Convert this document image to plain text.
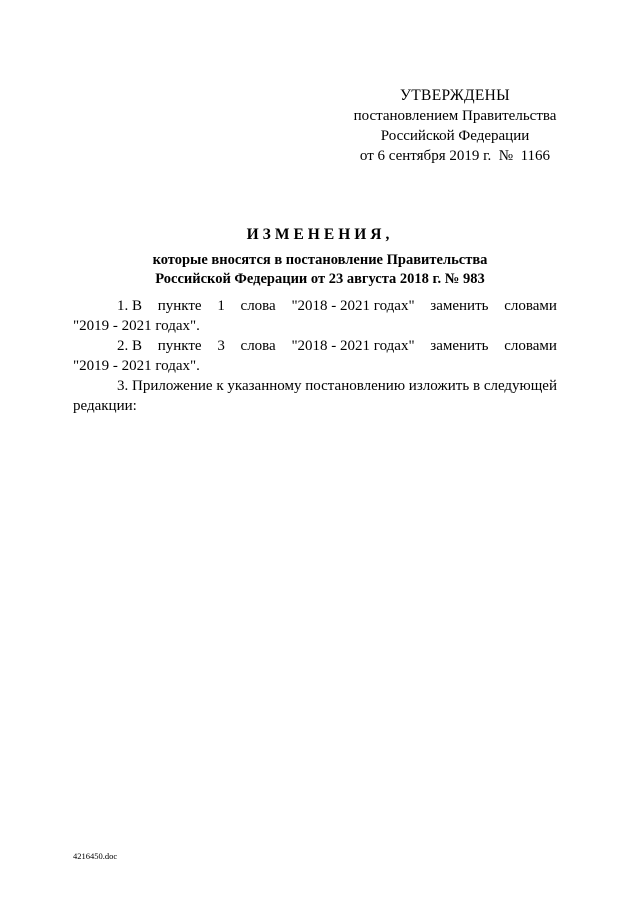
УТВЕРЖДЕНЫ
постановлением Правительства
Российской Федерации
от 6 сентября 2019 г.  №  1166
ИЗМЕНЕНИЯ,
которые вносятся в постановление Правительства
Российской Федерации от 23 августа 2018 г. № 983
1. В пункте 1 слова "2018 - 2021 годах" заменить словами
"2019 - 2021 годах".
2. В пункте 3 слова "2018 - 2021 годах" заменить словами
"2019 - 2021 годах".

3. Приложение к указанному постановлению изложить в следующей редакции:

4216450.doc
